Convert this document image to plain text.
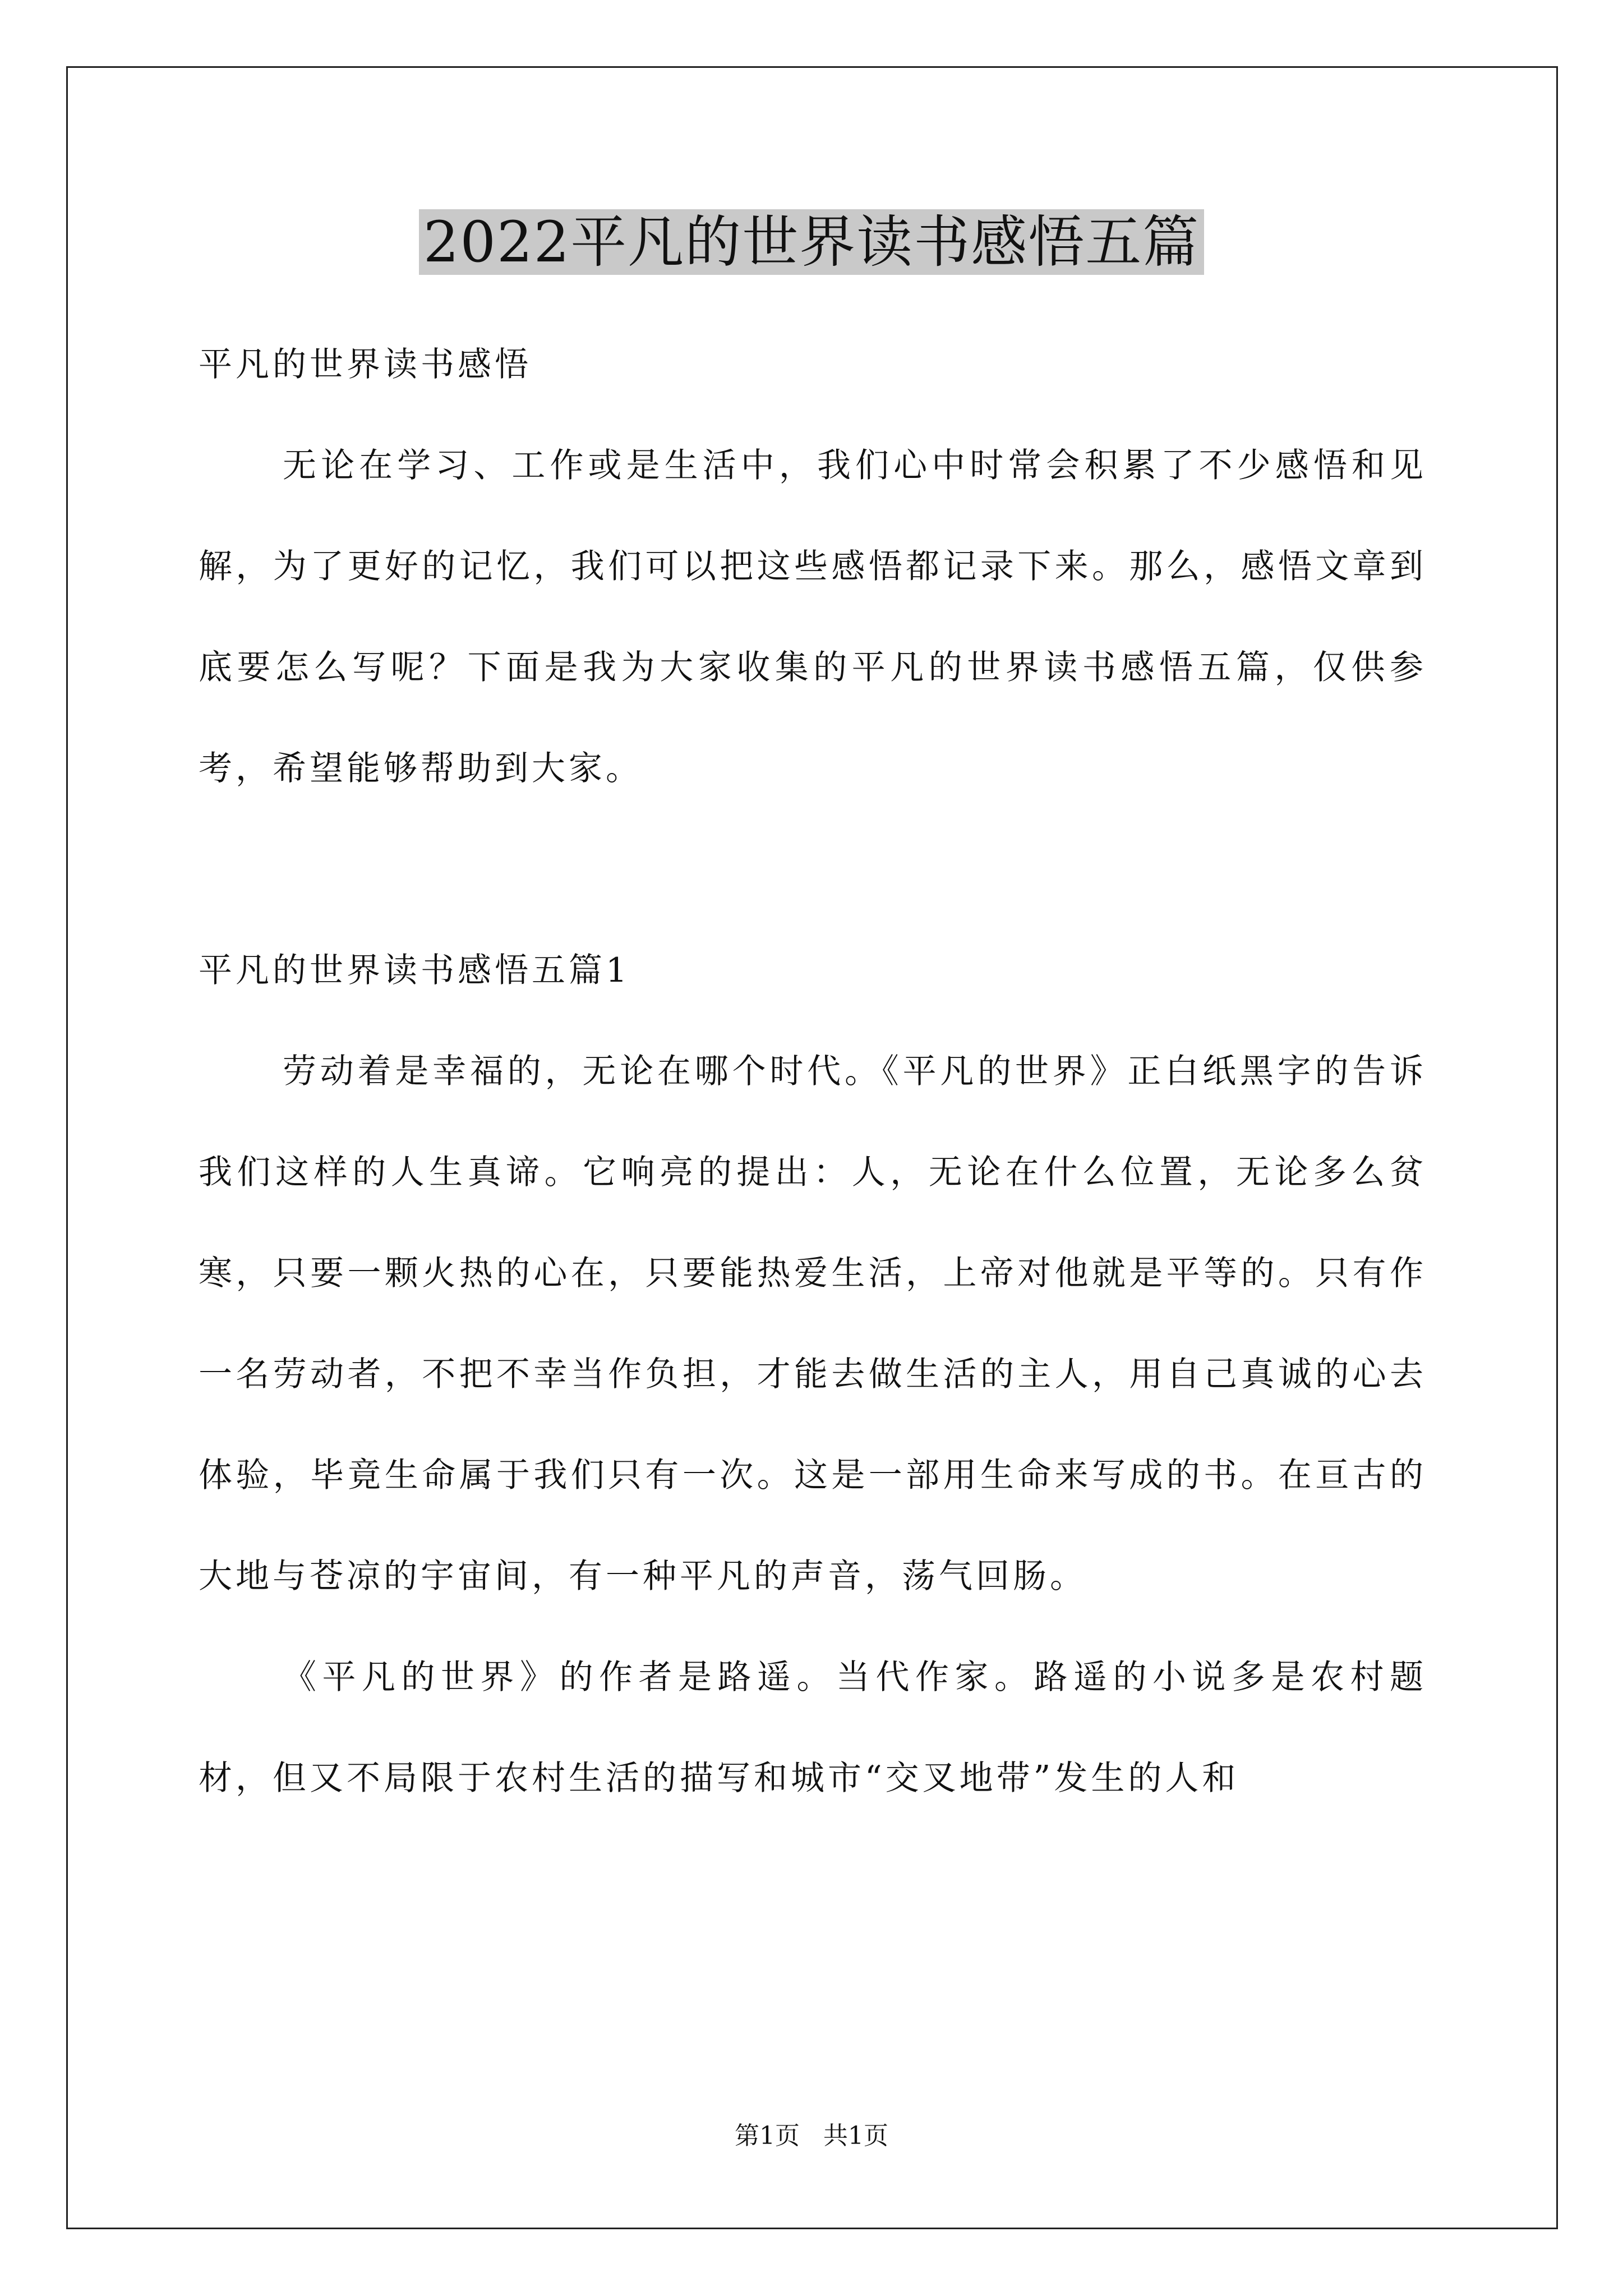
2022平凡的世界读书感悟五篇

平凡的世界读书感悟

无论在学习、工作或是生活中，我们心中时常会积累了不少感悟和见解，为了更好的记忆，我们可以把这些感悟都记录下来。那么，感悟文章到底要怎么写呢？下面是我为大家收集的平凡的世界读书感悟五篇，仅供参考，希望能够帮助到大家。

平凡的世界读书感悟五篇1

劳动着是幸福的，无论在哪个时代。《平凡的世界》正白纸黑字的告诉我们这样的人生真谛。它响亮的提出：人，无论在什么位置，无论多么贫寒，只要一颗火热的心在，只要能热爱生活，上帝对他就是平等的。只有作一名劳动者，不把不幸当作负担，才能去做生活的主人，用自己真诚的心去体验，毕竟生命属于我们只有一次。这是一部用生命来写成的书。在亘古的大地与苍凉的宇宙间，有一种平凡的声音，荡气回肠。

《平凡的世界》的作者是路遥。当代作家。路遥的小说多是农村题材，但又不局限于农村生活的描写和城市“交叉地带”发生的人和

第1页   共1页
